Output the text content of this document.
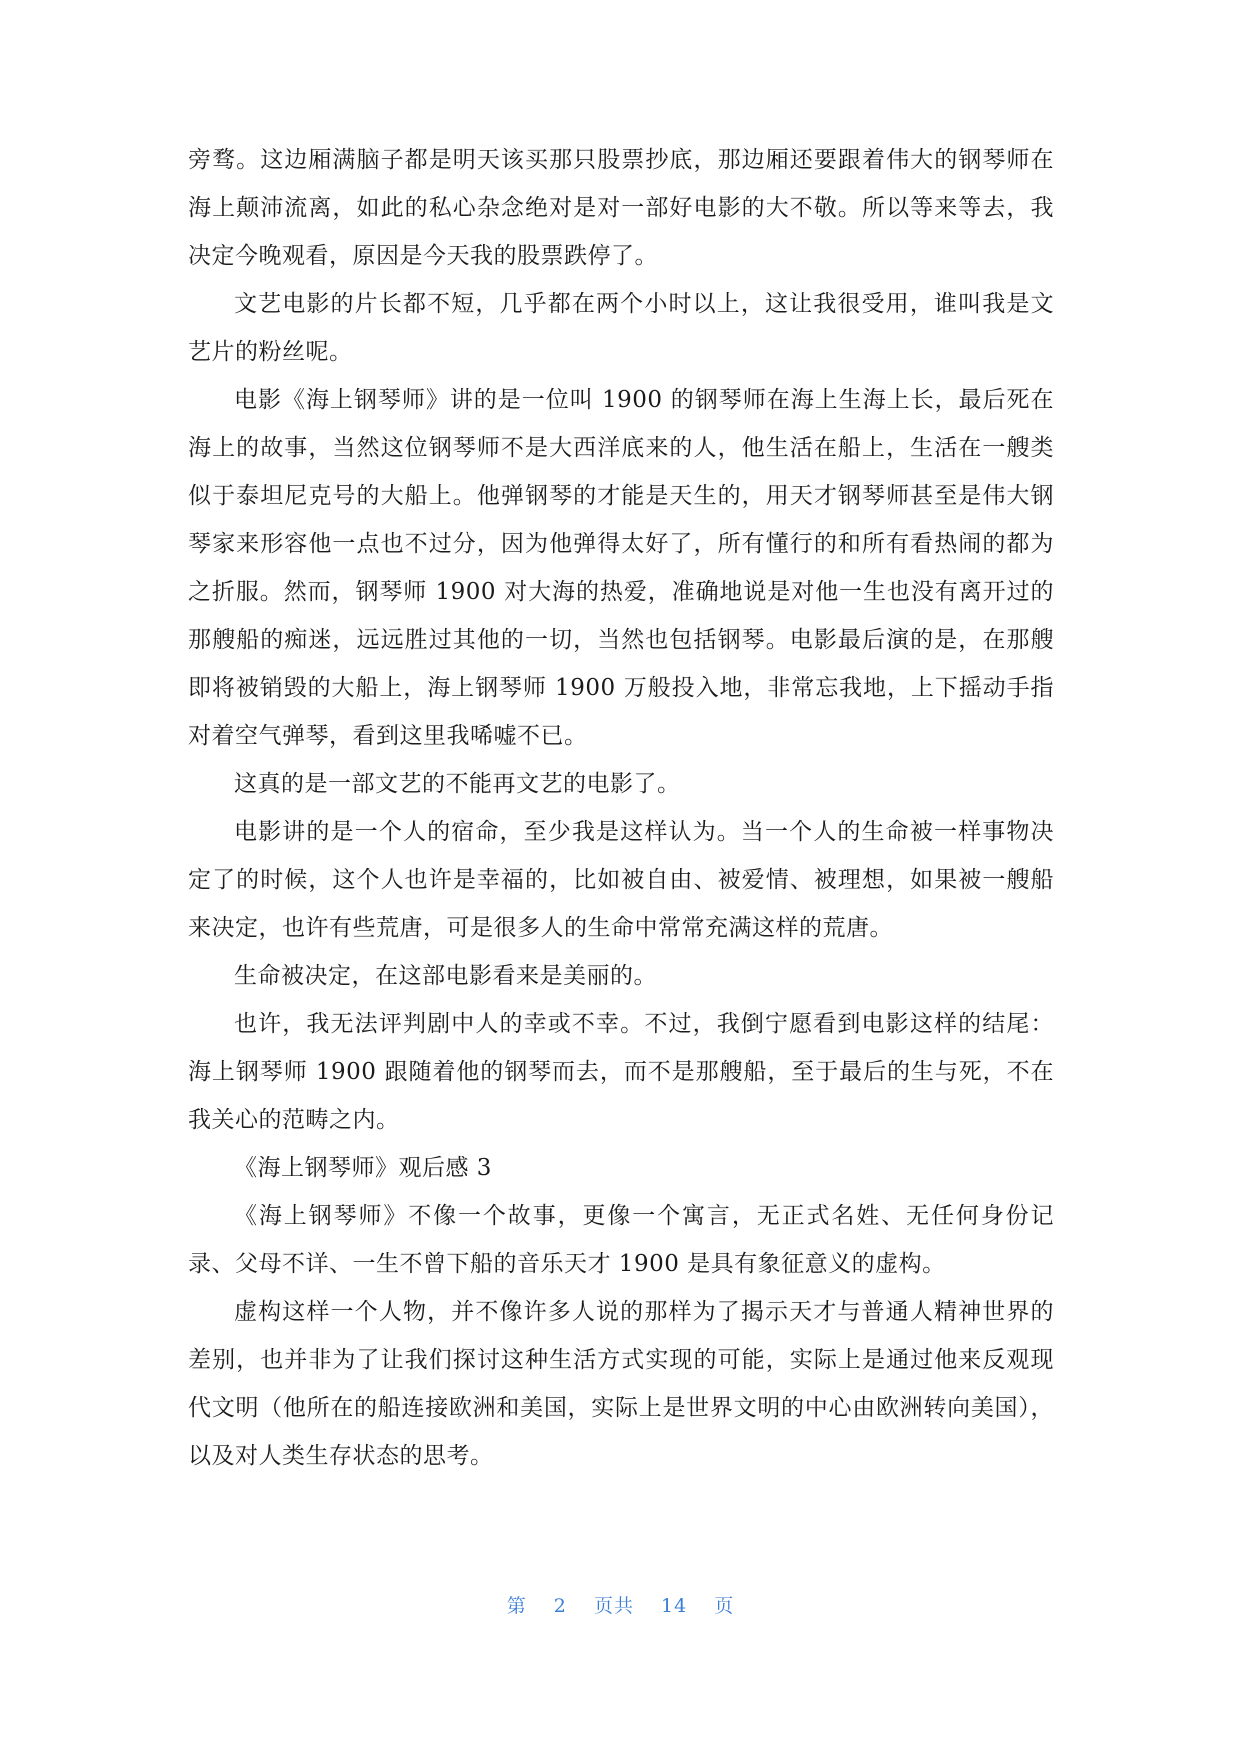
旁骛。这边厢满脑子都是明天该买那只股票抄底，那边厢还要跟着伟大的钢琴师在海上颠沛流离，如此的私心杂念绝对是对一部好电影的大不敬。所以等来等去，我决定今晚观看，原因是今天我的股票跌停了。

文艺电影的片长都不短，几乎都在两个小时以上，这让我很受用，谁叫我是文艺片的粉丝呢。

电影《海上钢琴师》讲的是一位叫 1900 的钢琴师在海上生海上长，最后死在海上的故事，当然这位钢琴师不是大西洋底来的人，他生活在船上，生活在一艘类似于泰坦尼克号的大船上。他弹钢琴的才能是天生的，用天才钢琴师甚至是伟大钢琴家来形容他一点也不过分，因为他弹得太好了，所有懂行的和所有看热闹的都为之折服。然而，钢琴师 1900 对大海的热爱，准确地说是对他一生也没有离开过的那艘船的痴迷，远远胜过其他的一切，当然也包括钢琴。电影最后演的是，在那艘即将被销毁的大船上，海上钢琴师 1900 万般投入地，非常忘我地，上下摇动手指对着空气弹琴，看到这里我唏嘘不已。

这真的是一部文艺的不能再文艺的电影了。

电影讲的是一个人的宿命，至少我是这样认为。当一个人的生命被一样事物决定了的时候，这个人也许是幸福的，比如被自由、被爱情、被理想，如果被一艘船来决定，也许有些荒唐，可是很多人的生命中常常充满这样的荒唐。

生命被决定，在这部电影看来是美丽的。

也许，我无法评判剧中人的幸或不幸。不过，我倒宁愿看到电影这样的结尾：海上钢琴师 1900 跟随着他的钢琴而去，而不是那艘船，至于最后的生与死，不在我关心的范畴之内。

《海上钢琴师》观后感 3

《海上钢琴师》不像一个故事，更像一个寓言，无正式名姓、无任何身份记录、父母不详、一生不曾下船的音乐天才 1900 是具有象征意义的虚构。

虚构这样一个人物，并不像许多人说的那样为了揭示天才与普通人精神世界的差别，也并非为了让我们探讨这种生活方式实现的可能，实际上是通过他来反观现代文明（他所在的船连接欧洲和美国，实际上是世界文明的中心由欧洲转向美国），以及对人类生存状态的思考。

第 2 页共 14 页
